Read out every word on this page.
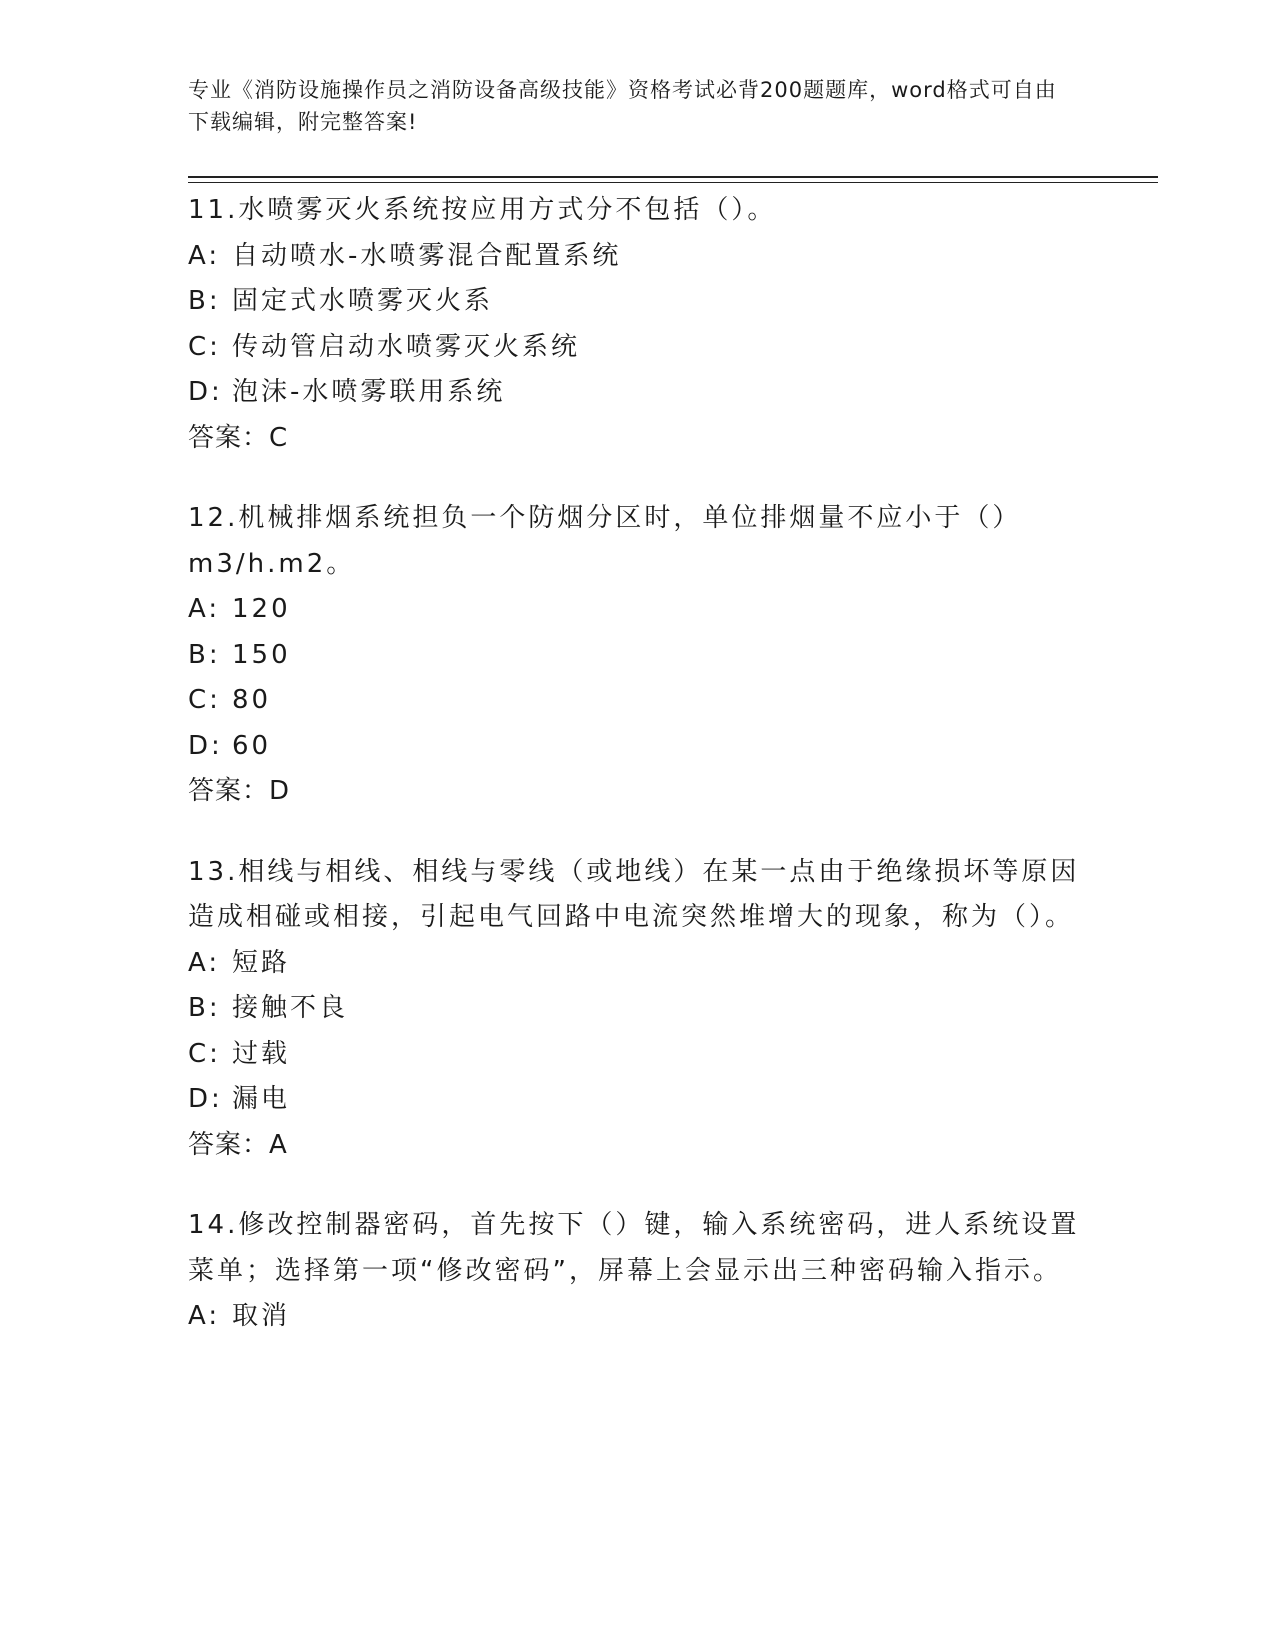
专业《消防设施操作员之消防设备高级技能》资格考试必背200题题库，word格式可自由下载编辑，附完整答案!

11.水喷雾灭火系统按应用方式分不包括（）。

A: 自动喷水-水喷雾混合配置系统

B: 固定式水喷雾灭火系

C: 传动管启动水喷雾灭火系统

D: 泡沫-水喷雾联用系统

答案：C

12.机械排烟系统担负一个防烟分区时，单位排烟量不应小于（）m3/h.m2。

A: 120

B: 150

C: 80

D: 60

答案：D

13.相线与相线、相线与零线（或地线）在某一点由于绝缘损坏等原因造成相碰或相接，引起电气回路中电流突然堆增大的现象，称为（）。

A: 短路

B: 接触不良

C: 过载

D: 漏电

答案：A

14.修改控制器密码，首先按下（）键，输入系统密码，进人系统设置菜单；选择第一项“修改密码”，屏幕上会显示出三种密码输入指示。

A: 取消
